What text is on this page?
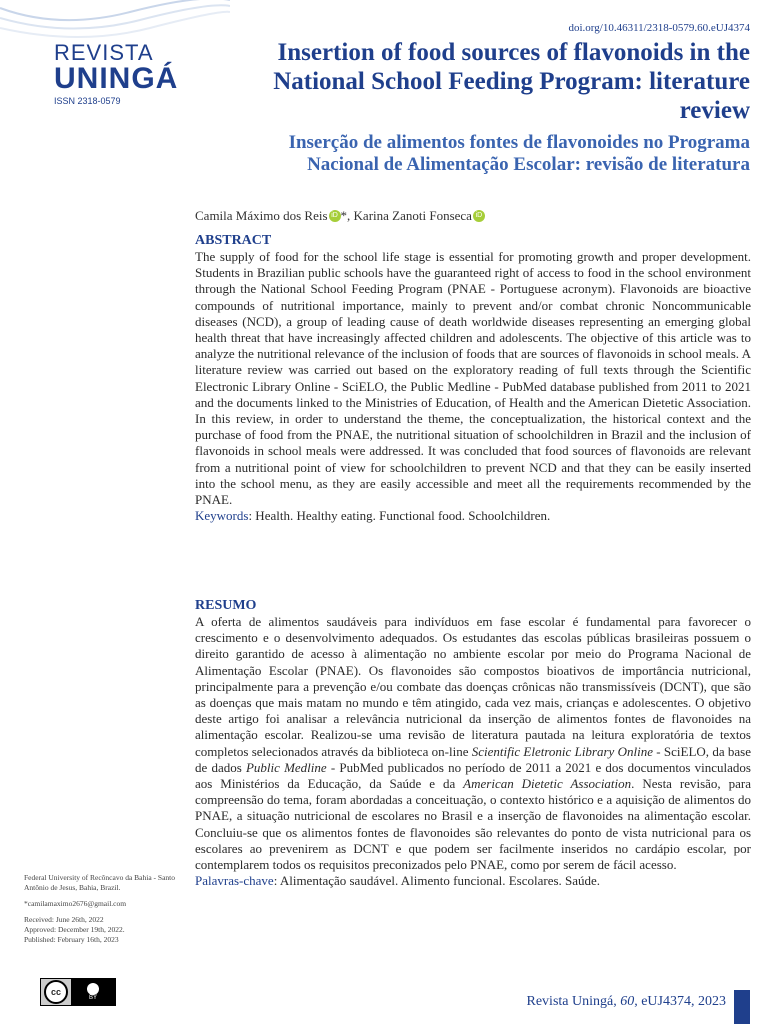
doi.org/10.46311/2318-0579.60.eUJ4374
REVISTA
UNINGÁ
ISSN 2318-0579
Insertion of food sources of flavonoids in the National School Feeding Program: literature review
Inserção de alimentos fontes de flavonoides no Programa Nacional de Alimentação Escolar: revisão de literatura
Camila Máximo dos Reis iD *, Karina Zanoti Fonseca iD
ABSTRACT
The supply of food for the school life stage is essential for promoting growth and proper development. Students in Brazilian public schools have the guaranteed right of access to food in the school environment through the National School Feeding Program (PNAE - Portuguese acronym). Flavonoids are bioactive compounds of nutritional importance, mainly to prevent and/or combat chronic Noncommunicable diseases (NCD), a group of leading cause of death worldwide diseases representing an emerging global health threat that have increasingly affected children and adolescents. The objective of this article was to analyze the nutritional relevance of the inclusion of foods that are sources of flavonoids in school meals. A literature review was carried out based on the exploratory reading of full texts through the Scientific Electronic Library Online - SciELO, the Public Medline - PubMed database published from 2011 to 2021 and the documents linked to the Ministries of Education, of Health and the American Dietetic Association. In this review, in order to understand the theme, the conceptualization, the historical context and the purchase of food from the PNAE, the nutritional situation of schoolchildren in Brazil and the inclusion of flavonoids in school meals were addressed. It was concluded that food sources of flavonoids are relevant from a nutritional point of view for schoolchildren to prevent NCD and that they can be easily inserted into the school menu, as they are easily accessible and meet all the requirements recommended by the PNAE.
Keywords: Health. Healthy eating. Functional food. Schoolchildren.
RESUMO
A oferta de alimentos saudáveis para indivíduos em fase escolar é fundamental para favorecer o crescimento e o desenvolvimento adequados. Os estudantes das escolas públicas brasileiras possuem o direito garantido de acesso à alimentação no ambiente escolar por meio do Programa Nacional de Alimentação Escolar (PNAE). Os flavonoides são compostos bioativos de importância nutricional, principalmente para a prevenção e/ou combate das doenças crônicas não transmissíveis (DCNT), que são as doenças que mais matam no mundo e têm atingido, cada vez mais, crianças e adolescentes. O objetivo deste artigo foi analisar a relevância nutricional da inserção de alimentos fontes de flavonoides na alimentação escolar. Realizou-se uma revisão de literatura pautada na leitura exploratória de textos completos selecionados através da biblioteca on-line Scientific Eletronic Library Online - SciELO, da base de dados Public Medline - PubMed publicados no período de 2011 a 2021 e dos documentos vinculados aos Ministérios da Educação, da Saúde e da American Dietetic Association. Nesta revisão, para compreensão do tema, foram abordadas a conceituação, o contexto histórico e a aquisição de alimentos do PNAE, a situação nutricional de escolares no Brasil e a inserção de flavonoides na alimentação escolar. Concluiu-se que os alimentos fontes de flavonoides são relevantes do ponto de vista nutricional para os escolares ao prevenirem as DCNT e que podem ser facilmente inseridos no cardápio escolar, por contemplarem todos os requisitos preconizados pelo PNAE, como por serem de fácil acesso.
Palavras-chave: Alimentação saudável. Alimento funcional. Escolares. Saúde.

Federal University of Recôncavo da Bahia - Santo Antônio de Jesus, Bahia, Brazil.

*camilamaximo2676@gmail.com

Received: June 26th, 2022
Approved: December 19th, 2022.
Published: February 16th, 2023
cc
BY	Revista Uningá, 60, eUJ4374, 2023
